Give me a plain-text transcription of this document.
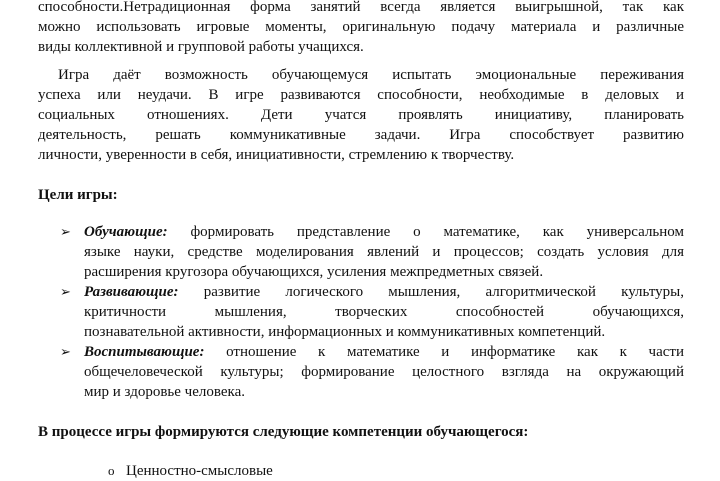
способности.Нетрадиционная форма занятий всегда является выигрышной, так как
можно использовать игровые моменты, оригинальную подачу материала и различные
виды коллективной и групповой работы учащихся.
Игра даёт возможность обучающемуся испытать эмоциональные переживания
успеха или неудачи. В игре развиваются способности, необходимые в деловых и
социальных отношениях. Дети учатся проявлять инициативу, планировать
деятельность, решать коммуникативные задачи. Игра способствует развитию
личности, уверенности в себя, инициативности, стремлению к творчеству.
Цели игры:
➢ Обучающие: формировать представление о математике, как универсальном
языке науки, средстве моделирования явлений и процессов; создать условия для
расширения кругозора обучающихся, усиления межпредметных связей.
➢ Развивающие: развитие логического мышления, алгоритмической культуры,
критичности мышления, творческих способностей обучающихся,
познавательной активности, информационных и коммуникативных компетенций.
➢ Воспитывающие: отношение к математике и информатике как к части
общечеловеческой культуры; формирование целостного взгляда на окружающий
мир и здоровье человека.
В процессе игры формируются следующие компетенции обучающегося:
o Ценностно-смысловые
